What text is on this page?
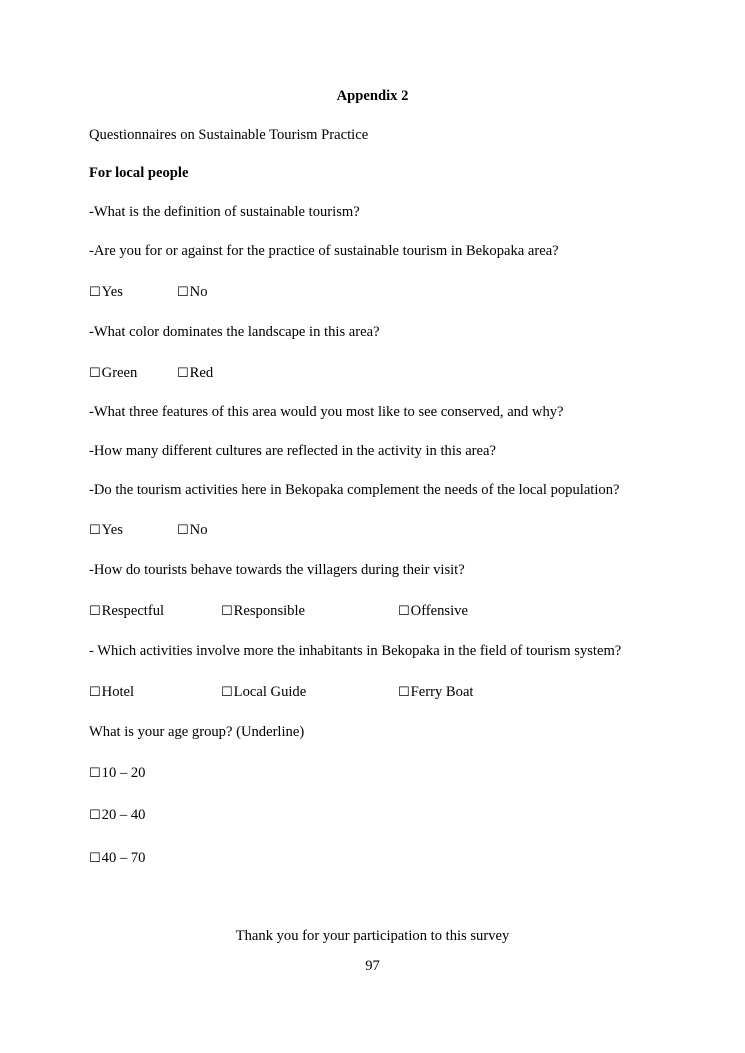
Appendix 2
Questionnaires on Sustainable Tourism Practice
For local people
-What is the definition of sustainable tourism?
-Are you for or against for the practice of sustainable tourism in Bekopaka area?
☐Yes	☐No
-What color dominates the landscape in this area?
☐Green	☐Red
-What three features of this area would you most like to see conserved, and why?
-How many different cultures are reflected in the activity in this area?
-Do the tourism activities here in Bekopaka complement the needs of the local population?
☐Yes	☐No
-How do tourists behave towards the villagers during their visit?
☐Respectful	☐Responsible	☐Offensive
- Which activities involve more the inhabitants in Bekopaka in the field of tourism system?
☐Hotel	☐Local Guide	☐Ferry Boat
What is your age group? (Underline)
☐10 – 20
☐20 – 40
☐40 – 70
Thank you for your participation to this survey
97
